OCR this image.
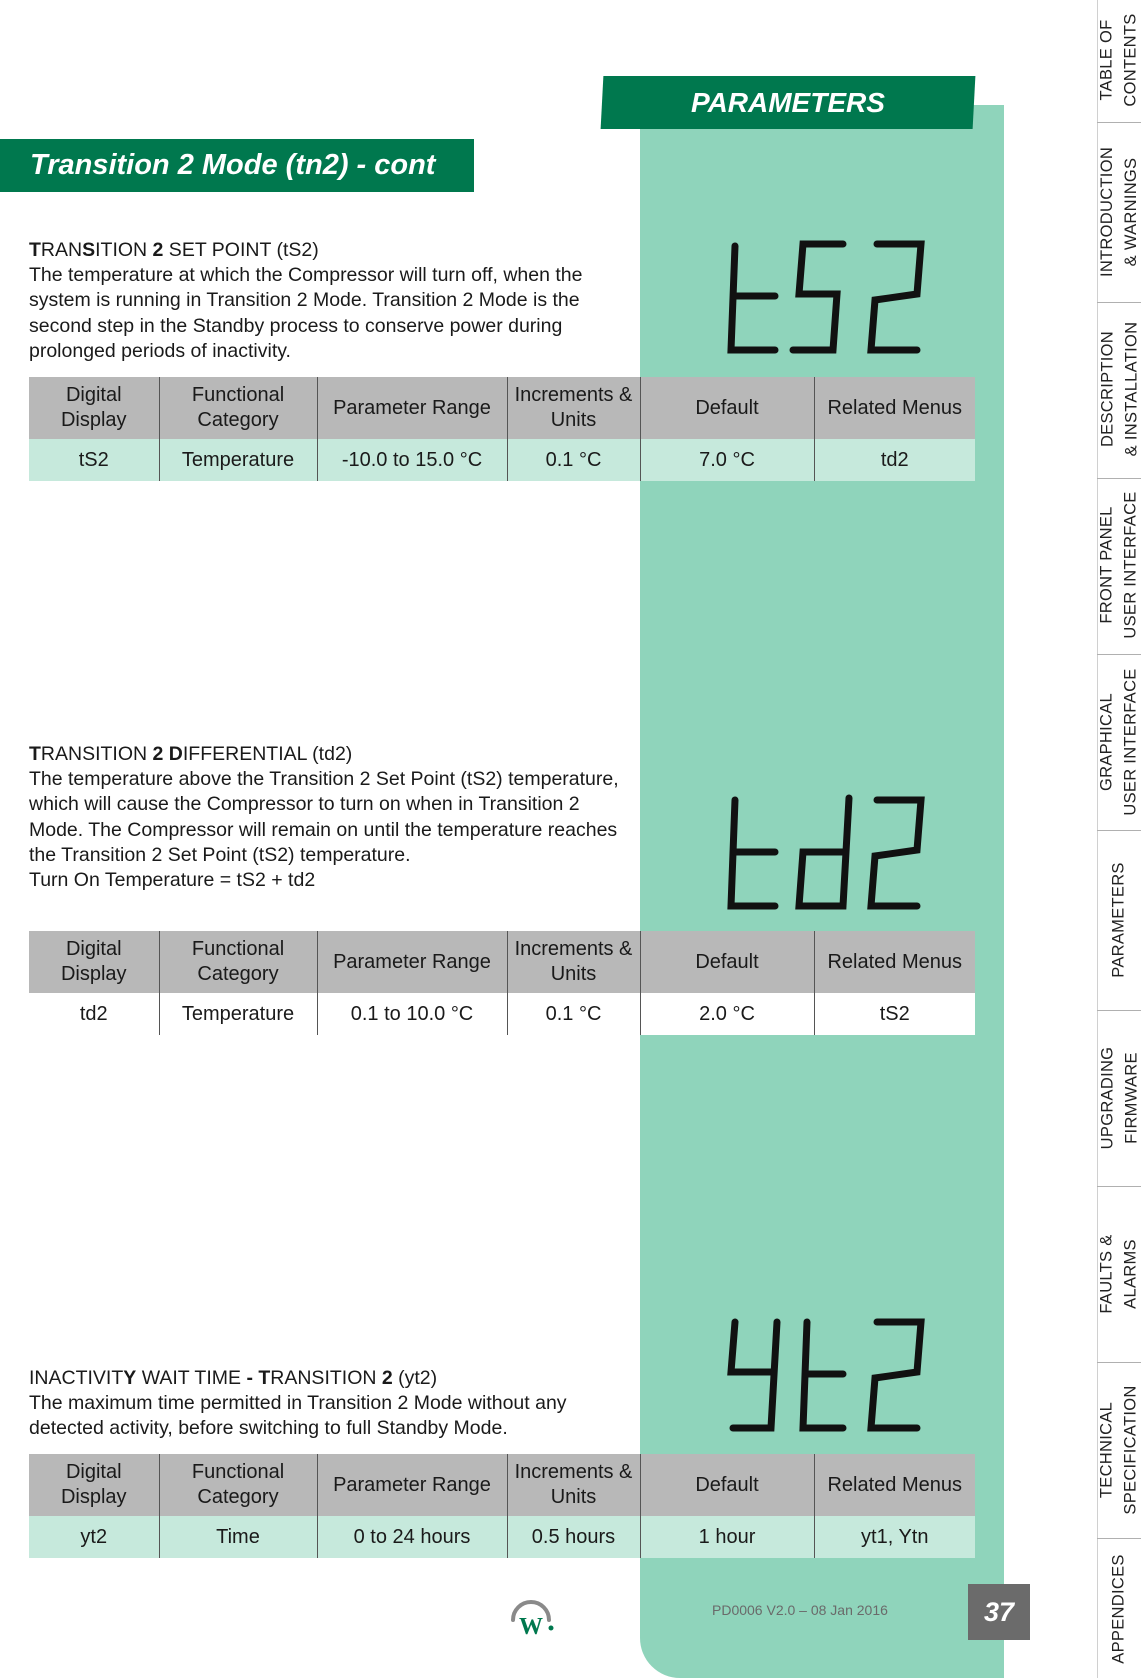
PARAMETERS
Transition 2 Mode (tn2) - cont

TRANSITION 2 SET POINT (tS2)

The temperature at which the Compressor will turn off, when the system is running in Transition 2 Mode. Transition 2 Mode is the second step in the Standby process to conserve power during prolonged periods of inactivity.

Digital Display	Functional Category	Parameter Range	Increments & Units	Default	Related Menus
tS2	Temperature	-10.0 to 15.0 °C	0.1 °C	7.0 °C	td2

TRANSITION 2 DIFFERENTIAL (td2)

The temperature above the Transition 2 Set Point (tS2) temperature, which will cause the Compressor to turn on when in Transition 2 Mode. The Compressor will remain on until the temperature reaches the Transition 2 Set Point (tS2) temperature.

Turn On Temperature = tS2 + td2

Digital Display	Functional Category	Parameter Range	Increments & Units	Default	Related Menus
td2	Temperature	0.1 to 10.0 °C	0.1 °C	2.0 °C	tS2

INACTIVITY WAIT TIME - TRANSITION 2 (yt2)

The maximum time permitted in Transition 2 Mode without any detected activity, before switching to full Standby Mode.

Digital Display	Functional Category	Parameter Range	Increments & Units	Default	Related Menus
yt2	Time	0 to 24 hours	0.5 hours	1 hour	yt1, Ytn
TABLE OF
CONTENTS
INTRODUCTION
& WARNINGS
DESCRIPTION
& INSTALLATION
FRONT PANEL
USER INTERFACE
GRAPHICAL
USER INTERFACE
PARAMETERS
UPGRADING
FIRMWARE
FAULTS &
ALARMS
TECHNICAL
SPECIFICATION
APPENDICES
W
PD0006 V2.0 – 08 Jan 2016	37
